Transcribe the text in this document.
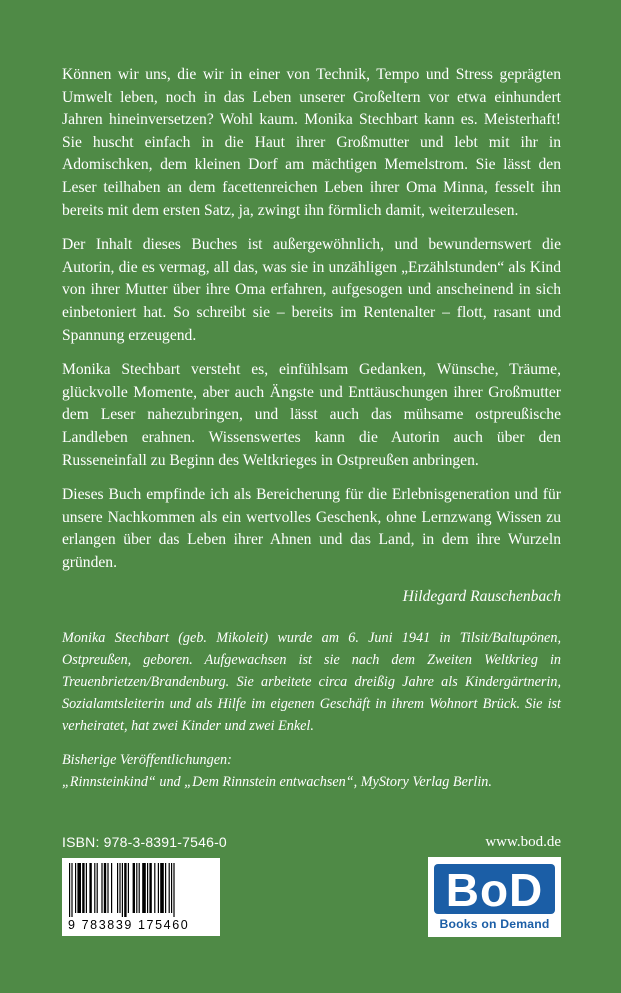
Können wir uns, die wir in einer von Technik, Tempo und Stress geprägten Umwelt leben, noch in das Leben unserer Großeltern vor etwa einhundert Jahren hineinversetzen? Wohl kaum. Monika Stechbart kann es. Meisterhaft! Sie huscht einfach in die Haut ihrer Großmutter und lebt mit ihr in Adomischken, dem kleinen Dorf am mächtigen Memelstrom. Sie lässt den Leser teilhaben an dem facettenreichen Leben ihrer Oma Minna, fesselt ihn bereits mit dem ersten Satz, ja, zwingt ihn förmlich damit, weiterzulesen.

Der Inhalt dieses Buches ist außergewöhnlich, und bewundernswert die Autorin, die es vermag, all das, was sie in unzähligen „Erzählstunden“ als Kind von ihrer Mutter über ihre Oma erfahren, aufgesogen und anscheinend in sich einbetoniert hat. So schreibt sie – bereits im Rentenalter – flott, rasant und Spannung erzeugend.

Monika Stechbart versteht es, einfühlsam Gedanken, Wünsche, Träume, glückvolle Momente, aber auch Ängste und Enttäuschungen ihrer Großmutter dem Leser nahezubringen, und lässt auch das mühsame ostpreußische Landleben erahnen. Wissenswertes kann die Autorin auch über den Russeneinfall zu Beginn des Weltkrieges in Ostpreußen anbringen.

Dieses Buch empfinde ich als Bereicherung für die Erlebnisgeneration und für unsere Nachkommen als ein wertvolles Geschenk, ohne Lernzwang Wissen zu erlangen über das Leben ihrer Ahnen und das Land, in dem ihre Wurzeln gründen.

Hildegard Rauschenbach

Monika Stechbart (geb. Mikoleit) wurde am 6. Juni 1941 in Tilsit/Baltupönen, Ostpreußen, geboren. Aufgewachsen ist sie nach dem Zweiten Weltkrieg in Treuenbrietzen/Brandenburg. Sie arbeitete circa dreißig Jahre als Kindergärtnerin, Sozialamtsleiterin und als Hilfe im eigenen Geschäft in ihrem Wohnort Brück. Sie ist verheiratet, hat zwei Kinder und zwei Enkel.

Bisherige Veröffentlichungen:
„Rinnsteinkind“ und „Dem Rinnstein entwachsen“, MyStory Verlag Berlin.
ISBN: 978-3-8391-7546-0	www.bod.de
9 783839 175460
BoD
Books on Demand
